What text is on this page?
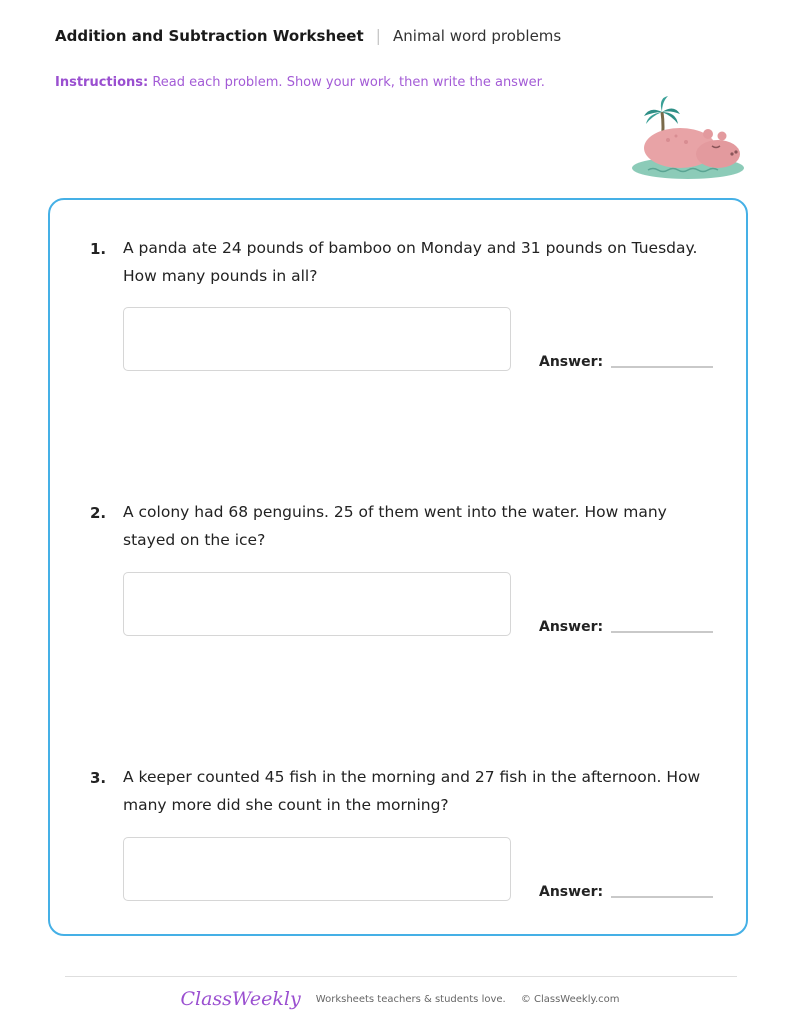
Addition and Subtraction Worksheet | Animal word problems
Instructions: Read each problem. Show your work, then write the answer.
1. A panda ate 24 pounds of bamboo on Monday and 31 pounds on Tuesday. How many pounds in all?
Answer:
2. A colony had 68 penguins. 25 of them went into the water. How many stayed on the ice?
Answer:
3. A keeper counted 45 fish in the morning and 27 fish in the afternoon. How many more did she count in the morning?
Answer:
ClassWeekly Worksheets teachers & students love. © ClassWeekly.com
